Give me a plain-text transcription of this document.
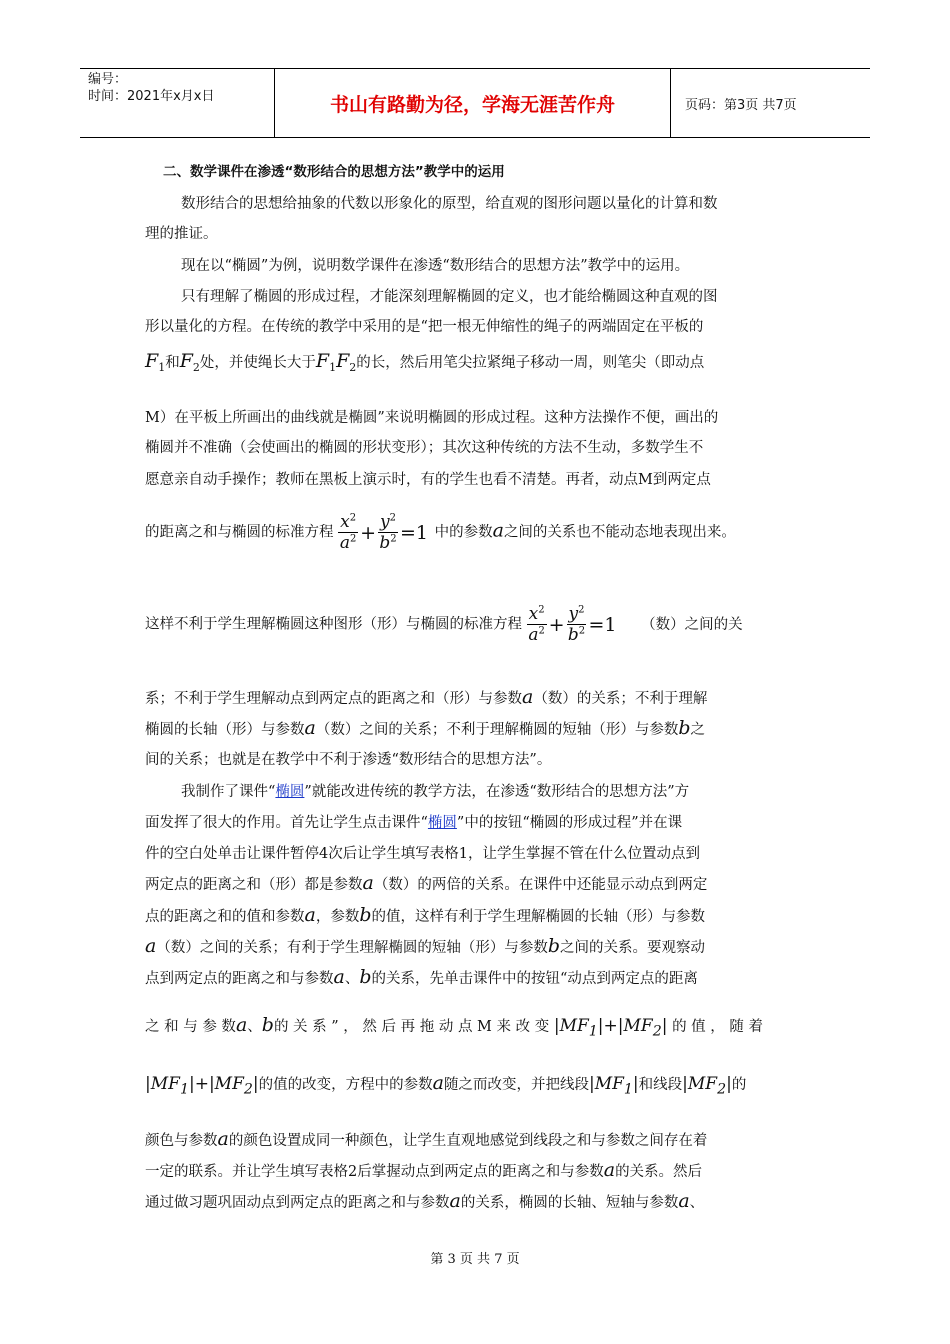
编号：
时间：2021年x月x日	书山有路勤为径，学海无涯苦作舟	页码：第3页 共7页
二、数学课件在渗透“数形结合的思想方法”教学中的运用
数形结合的思想给抽象的代数以形象化的原型，给直观的图形问题以量化的计算和数
理的推证。
现在以“椭圆”为例，说明数学课件在渗透“数形结合的思想方法”教学中的运用。
只有理解了椭圆的形成过程，才能深刻理解椭圆的定义，也才能给椭圆这种直观的图
形以量化的方程。在传统的教学中采用的是“把一根无伸缩性的绳子的两端固定在平板的
$F_1$和$F_2$处，并使绳长大于$F_1F_2$的长，然后用笔尖拉紧绳子移动一周，则笔尖（即动点
M）在平板上所画出的曲线就是椭圆”来说明椭圆的形成过程。这种方法操作不便，画出的
椭圆并不准确（会使画出的椭圆的形状变形）；其次这种传统的方法不生动，多数学生不
愿意亲自动手操作；教师在黑板上演示时，有的学生也看不清楚。再者，动点M到两定点
的距离之和与椭圆的标准方程
$x^2$
$a^2 + \frac{y^2}{b^2} =1$ 中的参数a之间的关系也不能动态地表现出来。
这样不利于学生理解椭圆这种图形（形）与椭圆的标准方程
$x^2$
$a^2 + \frac{y^2}{b^2} =1$ （数）之间的关
系；不利于学生理解动点到两定点的距离之和（形）与参数a（数）的关系；不利于理解
椭圆的长轴（形）与参数a（数）之间的关系；不利于理解椭圆的短轴（形）与参数b之
间的关系；也就是在教学中不利于渗透“数形结合的思想方法”。
我制作了课件“椭圆”就能改进传统的教学方法，在渗透“数形结合的思想方法”方
面发挥了很大的作用。首先让学生点击课件“椭圆”中的按钮“椭圆的形成过程”并在课
件的空白处单击让课件暂停4次后让学生填写表格1，让学生掌握不管在什么位置动点到
两定点的距离之和（形）都是参数a（数）的两倍的关系。在课件中还能显示动点到两定
点的距离之和的值和参数a，参数b的值，这样有利于学生理解椭圆的长轴（形）与参数
a（数）之间的关系；有利于学生理解椭圆的短轴（形）与参数b之间的关系。要观察动
点到两定点的距离之和与参数a、b的关系，先单击课件中的按钮“动点到两定点的距离
之 和 与 参 数a、b的 关 系 ” ， 然 后 再 拖 动 点 M 来 改 变 $|MF_1|+|MF_2|$ 的 值 ， 随 着
$|MF_1|+|MF_2|$的值的改变，方程中的参数a随之而改变，并把线段$|MF_1|$和线段$|MF_2|$的
颜色与参数a的颜色设置成同一种颜色，让学生直观地感觉到线段之和与参数之间存在着
一定的联系。并让学生填写表格2后掌握动点到两定点的距离之和与参数a的关系。然后
通过做习题巩固动点到两定点的距离之和与参数a的关系，椭圆的长轴、短轴与参数a、
第 3 页 共 7 页
